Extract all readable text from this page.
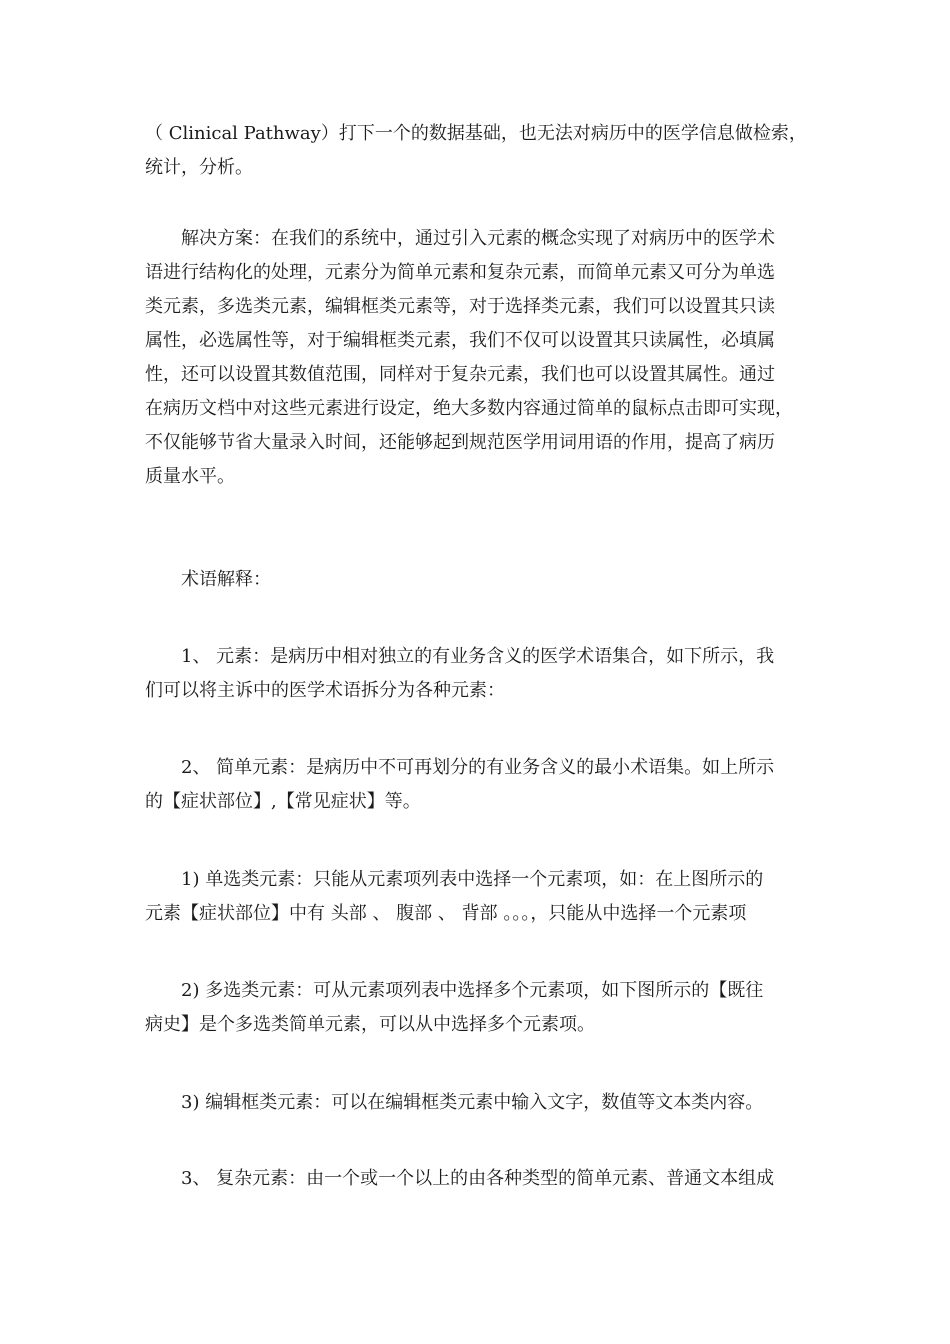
（ Clinical Pathway）打下一个的数据基础，也无法对病历中的医学信息做检索，
统计，分析。
解决方案：在我们的系统中，通过引入元素的概念实现了对病历中的医学术
语进行结构化的处理，元素分为简单元素和复杂元素，而简单元素又可分为单选
类元素，多选类元素，编辑框类元素等，对于选择类元素，我们可以设置其只读
属性，必选属性等，对于编辑框类元素，我们不仅可以设置其只读属性，必填属
性，还可以设置其数值范围，同样对于复杂元素，我们也可以设置其属性。通过
在病历文档中对这些元素进行设定，绝大多数内容通过简单的鼠标点击即可实现，
不仅能够节省大量录入时间，还能够起到规范医学用词用语的作用，提高了病历
质量水平。
术语解释：
1、 元素：是病历中相对独立的有业务含义的医学术语集合，如下所示，我
们可以将主诉中的医学术语拆分为各种元素：
2、 简单元素：是病历中不可再划分的有业务含义的最小术语集。如上所示
的【症状部位】,【常见症状】等。
1) 单选类元素：只能从元素项列表中选择一个元素项，如：在上图所示的
元素【症状部位】中有 头部 、 腹部 、 背部 。。。，只能从中选择一个元素项
2) 多选类元素：可从元素项列表中选择多个元素项，如下图所示的【既往
病史】是个多选类简单元素，可以从中选择多个元素项。
3) 编辑框类元素：可以在编辑框类元素中输入文字，数值等文本类内容。
3、 复杂元素：由一个或一个以上的由各种类型的简单元素、普通文本组成
